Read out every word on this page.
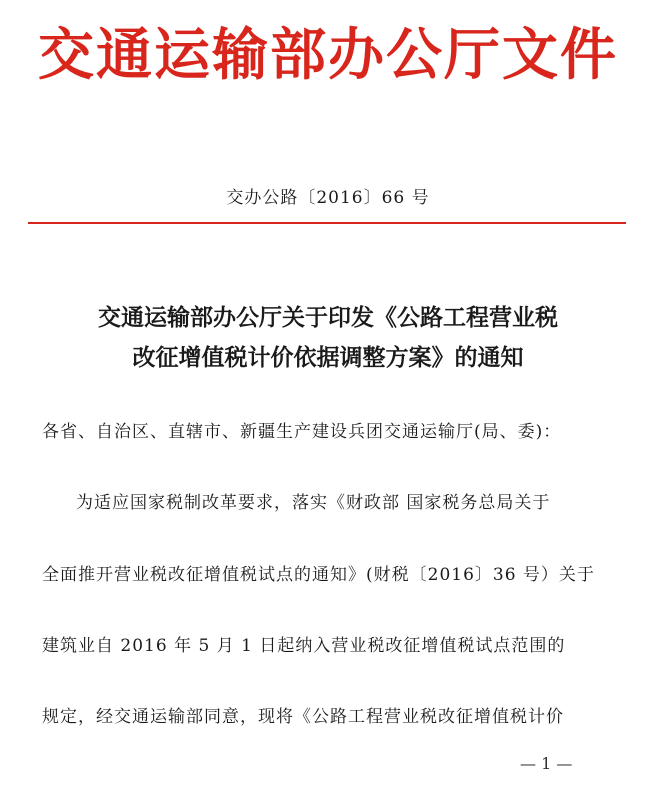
交通运输部办公厅文件
交办公路〔2016〕66 号
交通运输部办公厅关于印发《公路工程营业税
改征增值税计价依据调整方案》的通知
各省、自治区、直辖市、新疆生产建设兵团交通运输厅(局、委)：
为适应国家税制改革要求，落实《财政部 国家税务总局关于
全面推开营业税改征增值税试点的通知》(财税〔2016〕36 号）关于
建筑业自 2016 年 5 月 1 日起纳入营业税改征增值税试点范围的
规定，经交通运输部同意，现将《公路工程营业税改征增值税计价
— 1 —
